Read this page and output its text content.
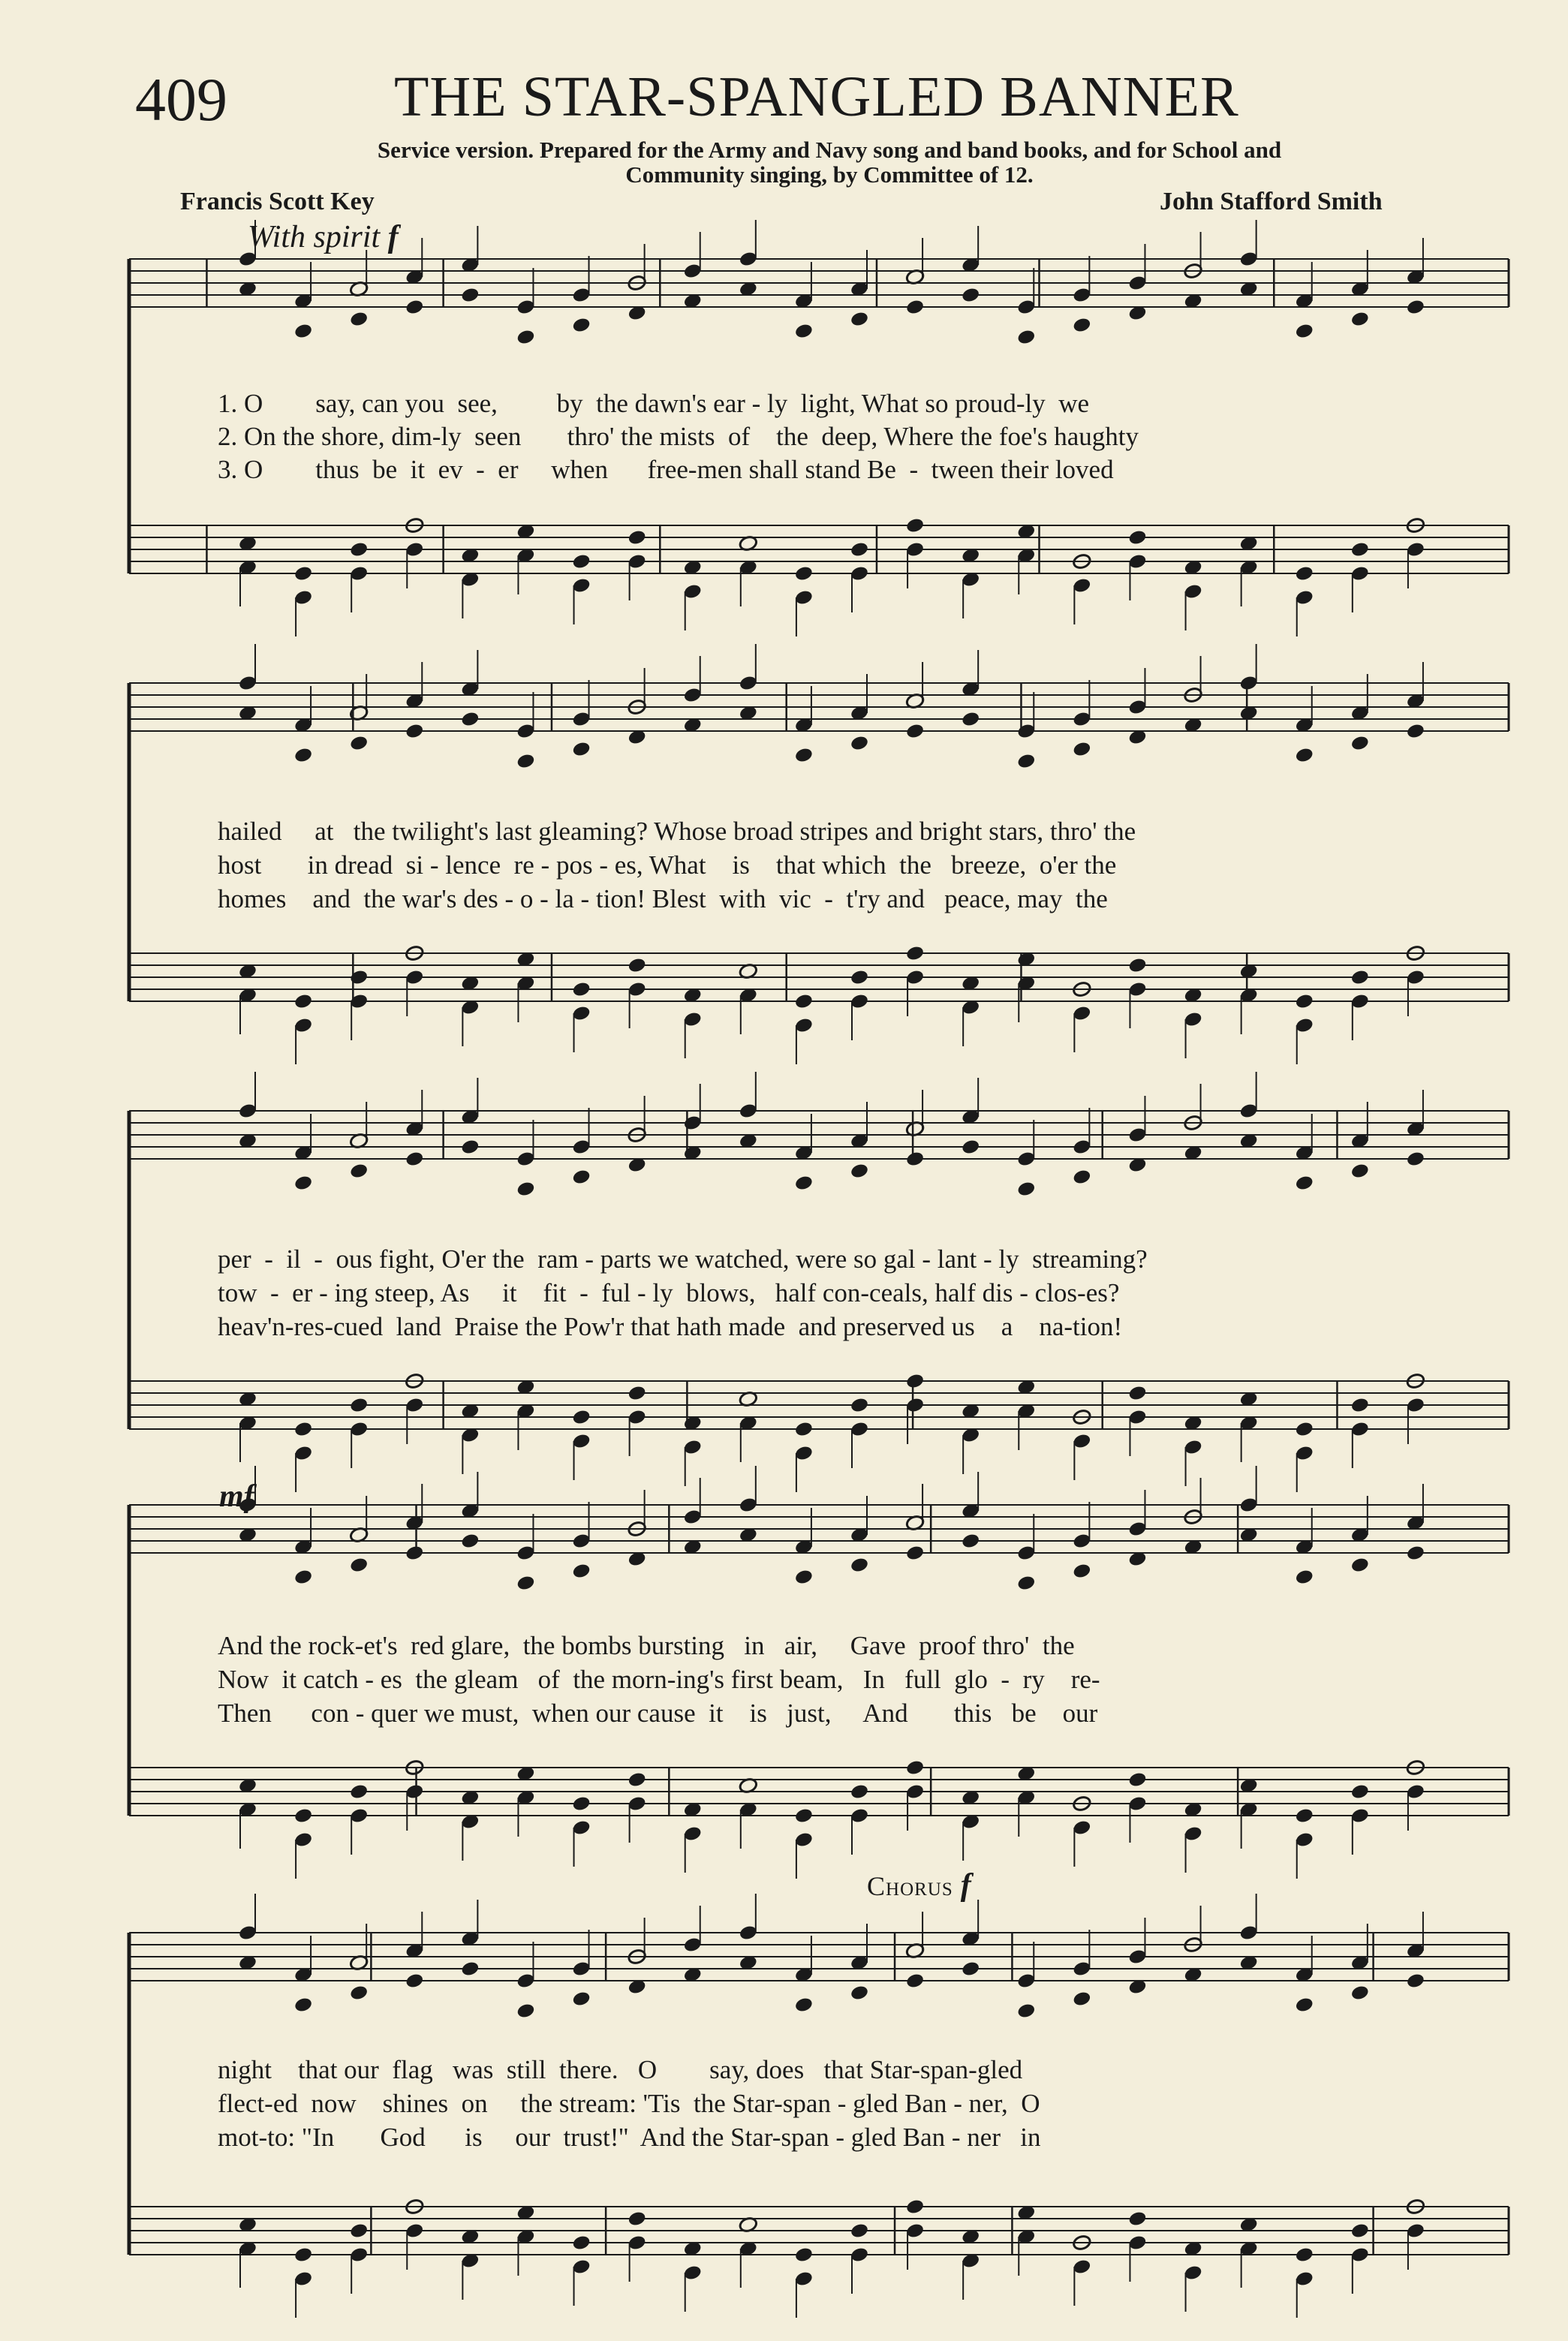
409	THE STAR-SPANGLED BANNER
Service version. Prepared for the Army and Navy song and band books, and for School and
Community singing, by Committee of 12.
Francis Scott Key	John Stafford Smith
With spirit f
1. O        say, can you  see,         by  the dawn's ear - ly  light, What so proud-ly  we
2. On the shore, dim-ly  seen       thro' the mists  of    the  deep, Where the foe's haughty
3. O        thus  be  it  ev  -  er     when      free-men shall stand Be  -  tween their loved
hailed     at   the twilight's last gleaming? Whose broad stripes and bright stars, thro' the
host       in dread  si - lence  re - pos - es, What    is    that which  the   breeze,  o'er the
homes    and  the war's des - o - la - tion! Blest  with  vic  -  t'ry and   peace, may  the
per  -  il  -  ous fight, O'er the  ram - parts we watched, were so gal - lant - ly  streaming?
tow  -  er - ing steep, As     it    fit  -  ful - ly  blows,   half con-ceals, half dis - clos-es?
heav'n-res-cued  land  Praise the Pow'r that hath made  and preserved us    a    na-tion!
mf
And the rock-et's  red glare,  the bombs bursting   in   air,     Gave  proof thro'  the
Now  it catch - es  the gleam   of  the morn-ing's first beam,   In   full  glo  -  ry    re-
Then      con - quer we must,  when our cause  it    is   just,     And       this   be    our
Chorus f
night    that our  flag   was  still  there.   O        say, does   that Star-span-gled
flect-ed  now    shines  on     the stream: 'Tis  the Star-span - gled Ban - ner,  O
mot-to: "In       God      is     our  trust!''  And the Star-span - gled Ban - ner   in
